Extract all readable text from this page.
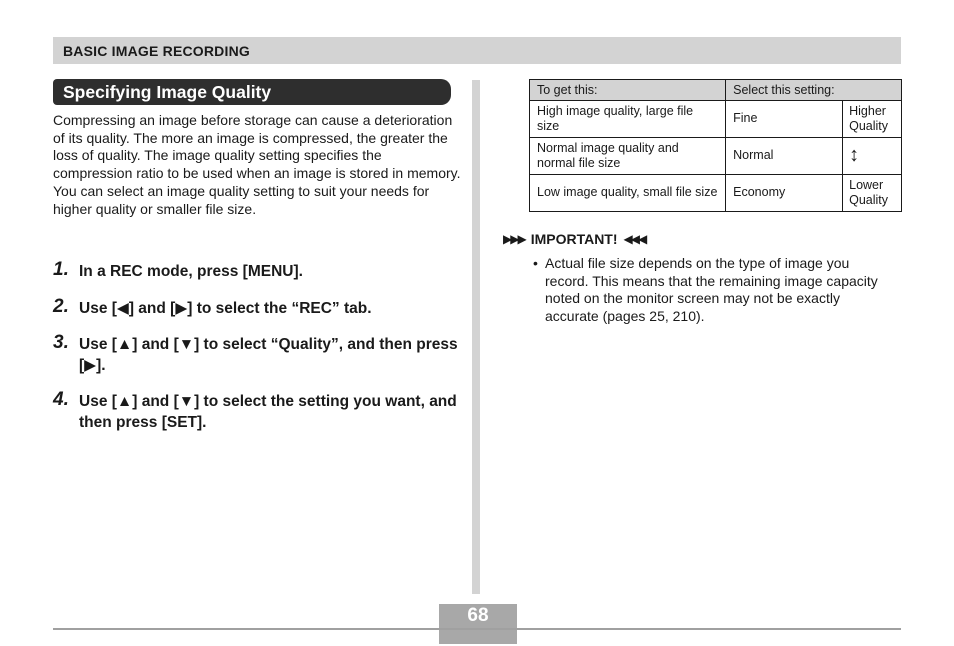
BASIC IMAGE RECORDING
Specifying Image Quality

Compressing an image before storage can cause a deterioration of its quality. The more an image is compressed, the greater the loss of quality. The image quality setting specifies the compression ratio to be used when an image is stored in memory. You can select an image quality setting to suit your needs for higher quality or smaller file size.

1. In a REC mode, press [MENU].
2. Use [◀] and [▶] to select the “REC” tab.
3. Use [▲] and [▼] to select “Quality”, and then press [▶].
4. Use [▲] and [▼] to select the setting you want, and then press [SET].
To get this:	Select this setting:	
High image quality, large file size	Fine	Higher Quality
Normal image quality and normal file size	Normal	↕
Low image quality, small file size	Economy	Lower Quality
▶▶▶ IMPORTANT! ◀◀◀
• Actual file size depends on the type of image you record. This means that the remaining image capacity noted on the monitor screen may not be exactly accurate (pages 25, 210).
68
